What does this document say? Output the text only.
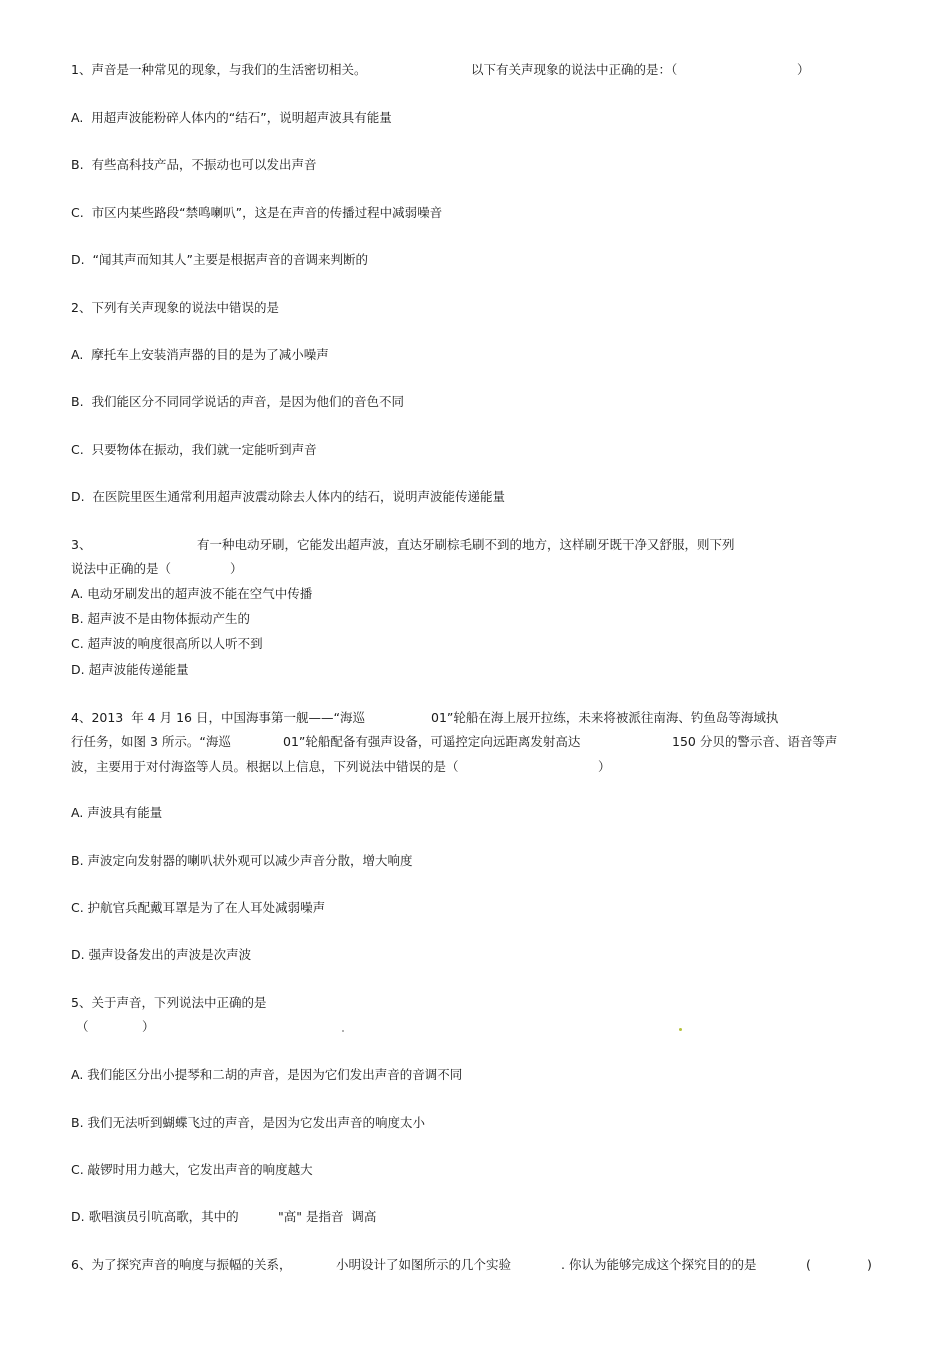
1、声音是一种常见的现象，与我们的生活密切相关。	以下有关声现象的说法中正确的是：（	）
A.  用超声波能粉碎人体内的“结石”，说明超声波具有能量
B.  有些高科技产品，不振动也可以发出声音
C.  市区内某些路段“禁鸣喇叭”，这是在声音的传播过程中减弱噪音
D.  “闻其声而知其人”主要是根据声音的音调来判断的
2、下列有关声现象的说法中错误的是
A.  摩托车上安装消声器的目的是为了减小噪声
B.  我们能区分不同同学说话的声音，是因为他们的音色不同
C.  只要物体在振动，我们就一定能听到声音
D.  在医院里医生通常利用超声波震动除去人体内的结石，说明声波能传递能量
3、	有一种电动牙刷，它能发出超声波，直达牙刷棕毛刷不到的地方，这样刷牙既干净又舒服，则下列
说法中正确的是（	）
A. 电动牙刷发出的超声波不能在空气中传播
B. 超声波不是由物体振动产生的
C. 超声波的响度很高所以人听不到
D. 超声波能传递能量
4、2013  年 4 月 16 日，中国海事第一舰——“海巡	01”轮船在海上展开拉练，未来将被派往南海、钓鱼岛等海域执
行任务，如图 3 所示。“海巡	01”轮船配备有强声设备，可遥控定向远距离发射高达	150 分贝的警示音、语音等声
波，主要用于对付海盗等人员。根据以上信息，下列说法中错误的是（	）
A. 声波具有能量
B. 声波定向发射器的喇叭状外观可以减少声音分散，增大响度
C. 护航官兵配戴耳罩是为了在人耳处减弱噪声
D. 强声设备发出的声波是次声波
5、关于声音，下列说法中正确的是
（	）
A. 我们能区分出小提琴和二胡的声音，是因为它们发出声音的音调不同
B. 我们无法听到蝴蝶飞过的声音，是因为它发出声音的响度太小
C. 敲锣时用力越大，它发出声音的响度越大
D. 歌唱演员引吭高歌，其中的	"高" 是指音  调高
6、为了探究声音的响度与振幅的关系，	小明设计了如图所示的几个实验	. 你认为能够完成这个探究目的的是	(	)
